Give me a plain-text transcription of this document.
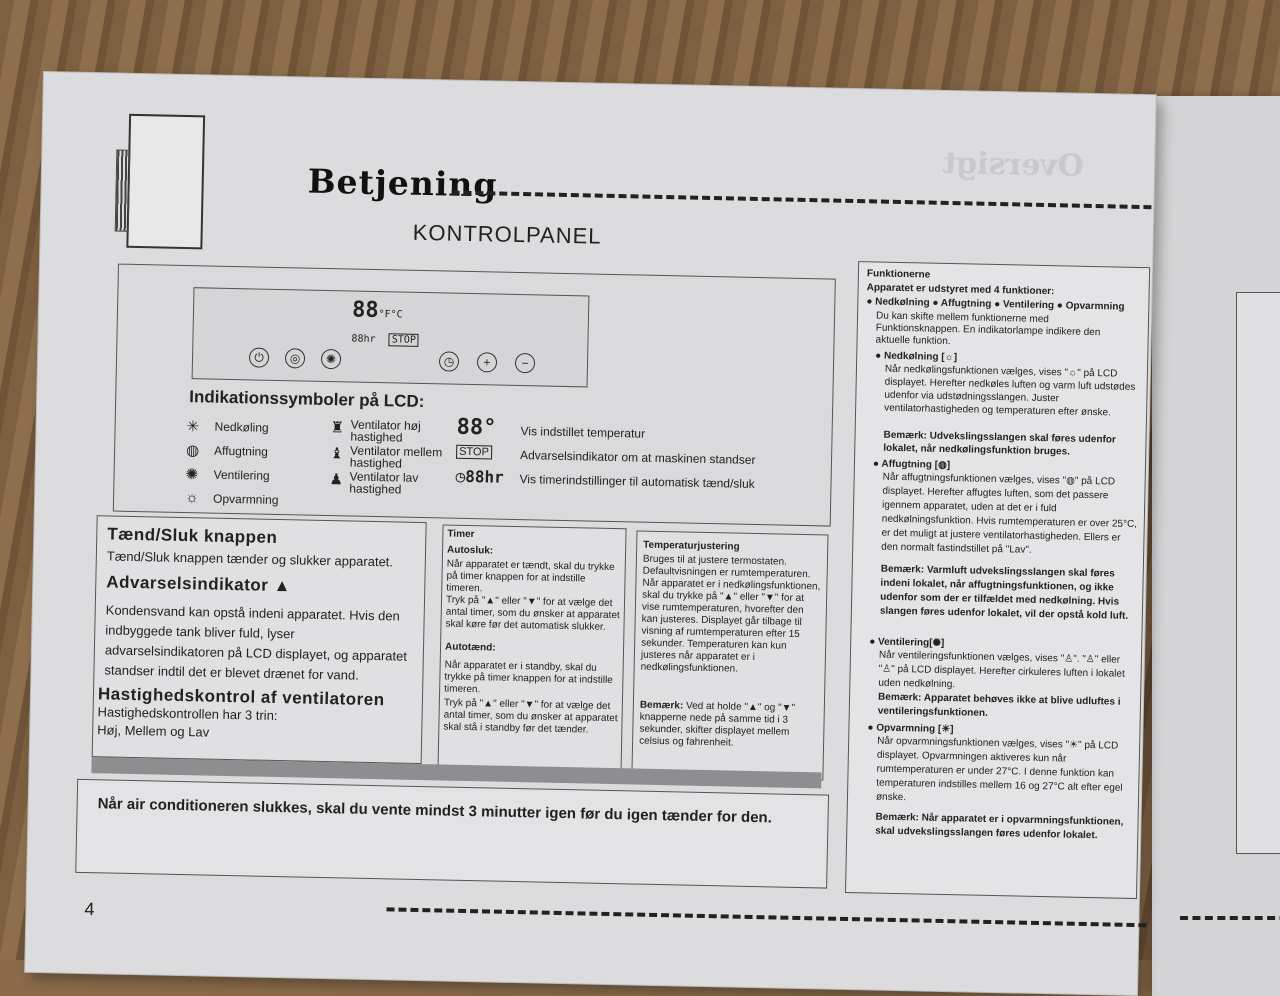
Oversigt
Betjening
KONTROLPANEL
88°F°C
88hr STOP
⏻	◎	✺	◷	+	−
Indikationssymboler på LCD:
✳ Nedkøling
◍ Affugtning
✺ Ventilering
☼ Opvarmning
♜ Ventilator høj hastighed
♝ Ventilator mellem hastighed
♟ Ventilator lav hastighed
88° Vis indstillet temperatur
STOP	Advarselsindikator om at maskinen standser
◷88hr Vis timerindstillinger til automatisk tænd/sluk
Tænd/Sluk knappen
Tænd/Sluk knappen tænder og slukker apparatet.
Advarselsindikator ▲
Kondensvand kan opstå indeni apparatet. Hvis den indbyggede tank bliver fuld, lyser advarselsindikatoren på LCD displayet, og apparatet standser indtil det er blevet drænet for vand.
Hastighedskontrol af ventilatoren
Hastighedskontrollen har 3 trin:
Høj, Mellem og Lav
Timer
Autosluk:
Når apparatet er tændt, skal du trykke på timer knappen for at indstille timeren.
Tryk på "▲" eller "▼" for at vælge det antal timer, som du ønsker at apparatet skal køre før det automatisk slukker.
Autotænd:
Når apparatet er i standby, skal du trykke på timer knappen for at indstille timeren.
Tryk på "▲" eller "▼" for at vælge det antal timer, som du ønsker at apparatet skal stå i standby før det tænder.
Temperaturjustering
Bruges til at justere termostaten. Defaultvisningen er rumtemperaturen. Når apparatet er i nedkølingsfunktionen, skal du trykke på "▲" eller "▼" for at vise rumtemperaturen, hvorefter den kan justeres. Displayet går tilbage til visning af rumtemperaturen efter 15 sekunder. Temperaturen kan kun justeres når apparatet er i nedkølingsfunktionen.
Bemærk: Ved at holde "▲" og "▼" knapperne nede på samme tid i 3 sekunder, skifter displayet mellem celsius og fahrenheit.
Når air conditioneren slukkes, skal du vente mindst 3 minutter igen før du igen tænder for den.
Funktionerne
Apparatet er udstyret med 4 funktioner:
● Nedkølning ● Affugtning ● Ventilering ● Opvarmning
Du kan skifte mellem funktionerne med Funktionsknappen. En indikatorlampe indikere den aktuelle funktion.
● Nedkølning [☼]
Når nedkølingsfunktionen vælges, vises "☼" på LCD displayet. Herefter nedkøles luften og varm luft udstødes udenfor via udstødningsslangen. Juster ventilatorhastigheden og temperaturen efter ønske.
Bemærk: Udvekslingsslangen skal føres udenfor lokalet, når nedkølingsfunktion bruges.
● Affugtning [◍]
Når affugtningsfunktionen vælges, vises "◍" på LCD displayet. Herefter affugtes luften, som det passere igennem apparatet, uden at det er i fuld nedkølningsfunktion. Hvis rumtemperaturen er over 25°C, er det muligt at justere ventilatorhastigheden. Ellers er den normalt fastindstillet på "Lav".
Bemærk: Varmluft udvekslingsslangen skal føres indeni lokalet, når affugtningsfunktionen, og ikke udenfor som der er tilfældet med nedkølning. Hvis slangen føres udenfor lokalet, vil der opstå kold luft.
● Ventilering[✺]
Når ventileringsfunktionen vælges, vises "♙". "♙" eller "♙" på LCD displayet. Herefter cirkuleres luften i lokalet uden nedkølning.
Bemærk: Apparatet behøves ikke at blive udluftes i ventileringsfunktionen.
● Opvarmning [☀]
Når opvarmningsfunktionen vælges, vises "☀" på LCD displayet. Opvarmningen aktiveres kun når rumtemperaturen er under 27°C. I denne funktion kan temperaturen indstilles mellem 16 og 27°C alt efter egel ønske.
Bemærk: Når apparatet er i opvarmningsfunktionen, skal udvekslingsslangen føres udenfor lokalet.
4
